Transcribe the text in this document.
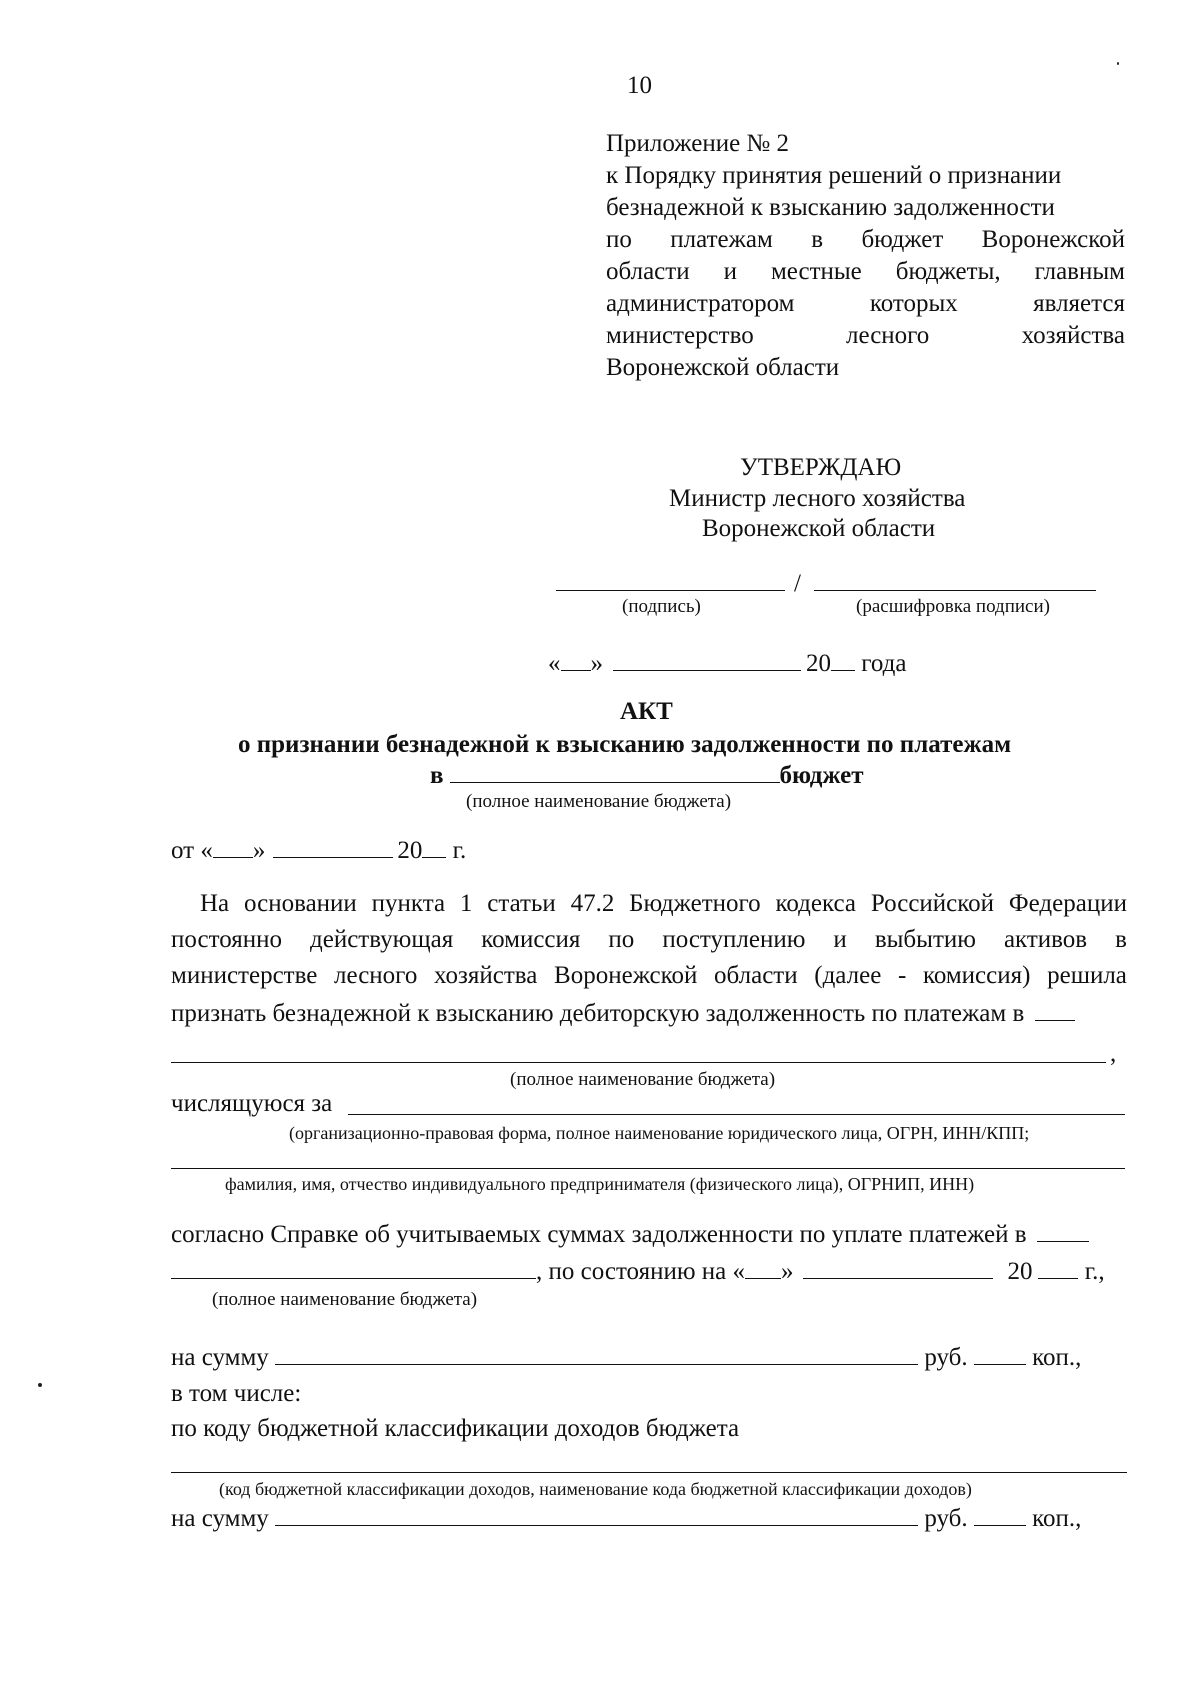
10
Приложение № 2
к Порядку принятия решений о признании
безнадежной к взысканию задолженности
по платежам в бюджет Воронежской
области и местные бюджеты, главным
администратором	которых	является
министерство	лесного	хозяйства
Воронежской области
УТВЕРЖДАЮ
Министр лесного хозяйства
Воронежской области
/
(подпись)	(расшифровка подписи)
« »	20 года
АКТ
о признании безнадежной к взысканию задолженности по платежам
в	бюджет
(полное наименование бюджета)
от « »	20 г.
На основании пункта 1 статьи 47.2 Бюджетного кодекса Российской Федерации
постоянно действующая комиссия по поступлению и выбытию активов в
министерстве лесного хозяйства Воронежской области (далее - комиссия) решила
признать безнадежной к взысканию дебиторскую задолженность по платежам в
,
(полное наименование бюджета)
числящуюся за
(организационно-правовая форма, полное наименование юридического лица, ОГРН, ИНН/КПП;
фамилия, имя, отчество индивидуального предпринимателя (физического лица), ОГРНИП, ИНН)
согласно Справке об учитываемых суммах задолженности по уплате платежей в
, по состоянию на « »	20 г.,
(полное наименование бюджета)
на сумму	руб.	коп.,
в том числе:
по коду бюджетной классификации доходов бюджета
(код бюджетной классификации доходов, наименование кода бюджетной классификации доходов)
на сумму	руб.	коп.,
